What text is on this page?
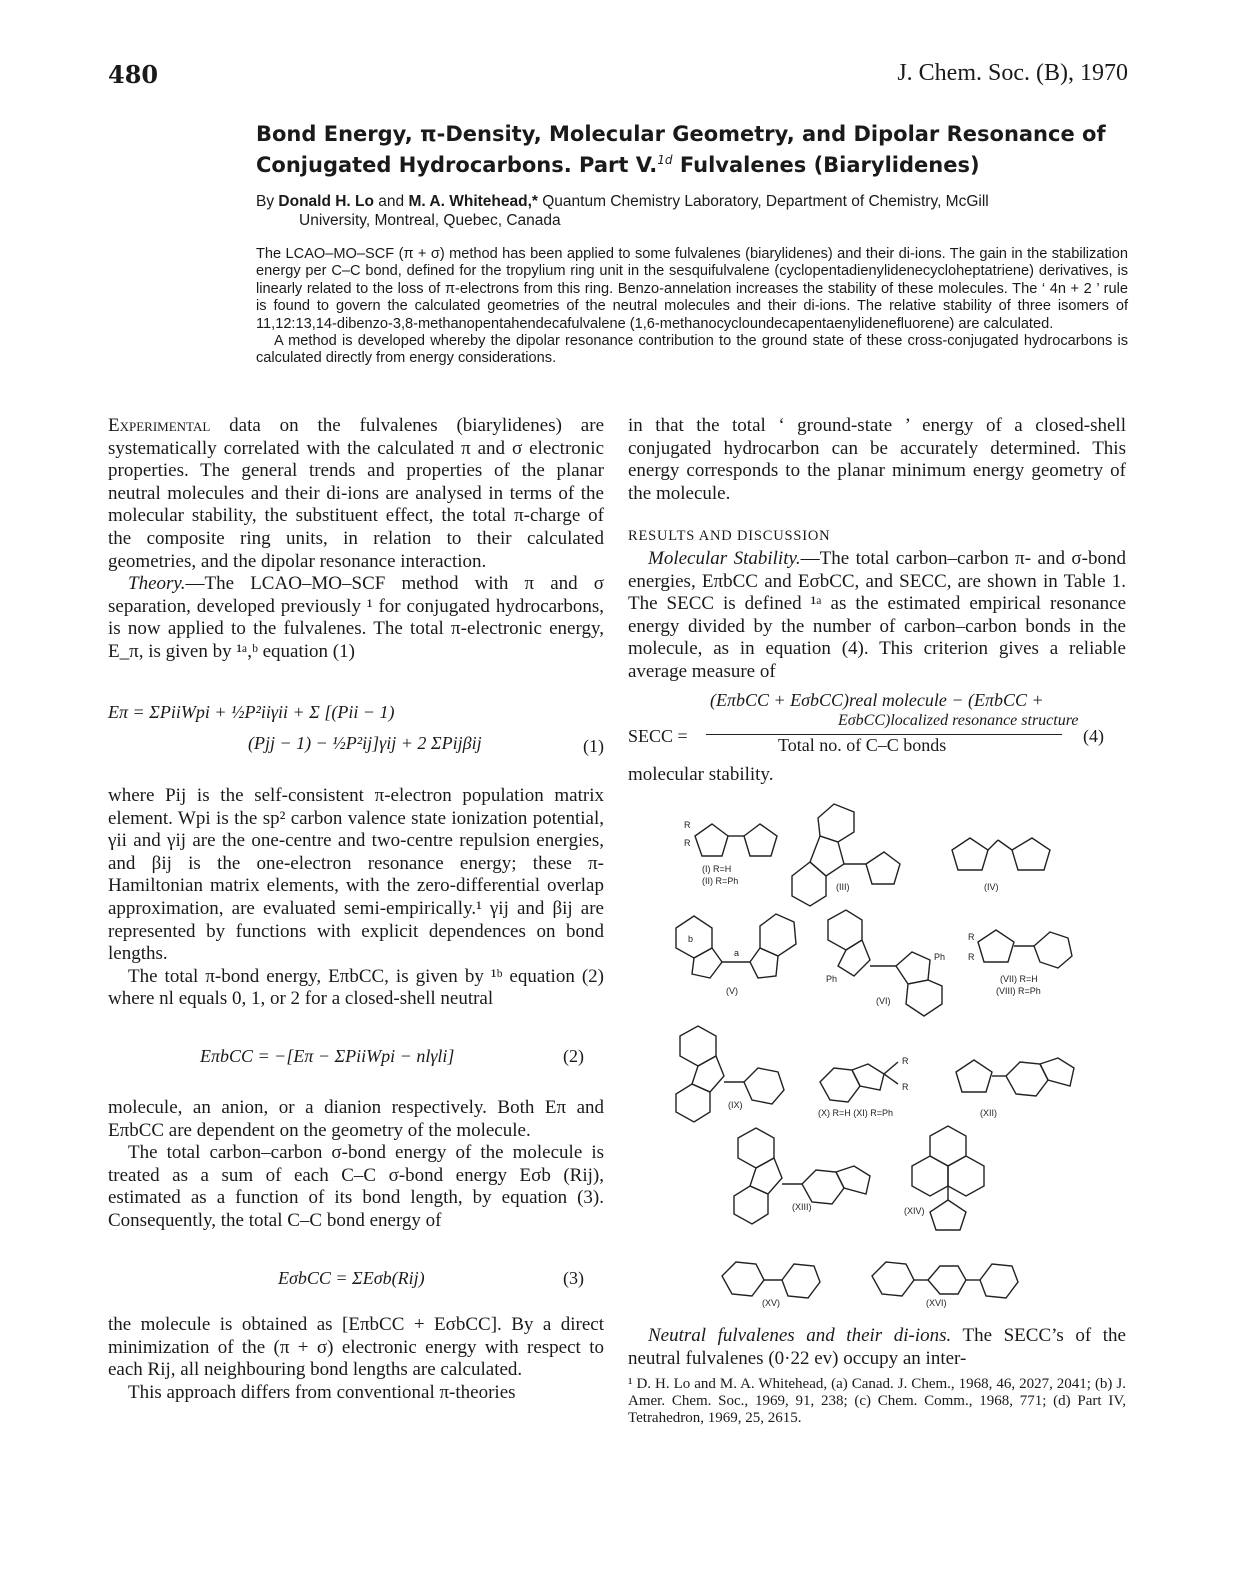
480	J. Chem. Soc. (B), 1970
Bond Energy, π-Density, Molecular Geometry, and Dipolar Resonance of
Conjugated Hydrocarbons. Part V.$^{1d}$ Fulvalenes (Biarylidenes)
By Donald H. Lo and M. A. Whitehead,* Quantum Chemistry Laboratory, Department of Chemistry, McGill
University, Montreal, Quebec, Canada

The LCAO–MO–SCF (π + σ) method has been applied to some fulvalenes (biarylidenes) and their di-ions. The gain in the stabilization energy per C–C bond, defined for the tropylium ring unit in the sesquifulvalene (cyclopentadienylidenecycloheptatriene) derivatives, is linearly related to the loss of π-electrons from this ring. Benzo-annelation increases the stability of these molecules. The ‘ 4n + 2 ’ rule is found to govern the calculated geometries of the neutral molecules and their di-ions. The relative stability of three isomers of 11,12:13,14-dibenzo-3,8-methanopentahendecafulvalene (1,6-methanocycloundecapentaenylidenefluorene) are calculated.

A method is developed whereby the dipolar resonance contribution to the ground state of these cross-conjugated hydrocarbons is calculated directly from energy considerations.

Experimental data on the fulvalenes (biarylidenes) are systematically correlated with the calculated π and σ electronic properties. The general trends and properties of the planar neutral molecules and their di-ions are analysed in terms of the molecular stability, the substituent effect, the total π-charge of the composite ring units, in relation to their calculated geometries, and the dipolar resonance interaction.

Theory.—The LCAO–MO–SCF method with π and σ separation, developed previously ¹ for conjugated hydrocarbons, is now applied to the fulvalenes. The total π-electronic energy, E_π, is given by ¹ᵃ,ᵇ equation (1)

Eπ = ΣPiiWpi + ½P²iiγii + Σ [(Pii − 1)
(Pjj − 1) − ½P²ij]γij + 2 ΣPijβij	(1)

where Pij is the self-consistent π-electron population matrix element. Wpi is the sp² carbon valence state ionization potential, γii and γij are the one-centre and two-centre repulsion energies, and βij is the one-electron resonance energy; these π-Hamiltonian matrix elements, with the zero-differential overlap approximation, are evaluated semi-empirically.¹ γij and βij are represented by functions with explicit dependences on bond lengths.

The total π-bond energy, EπbCC, is given by ¹ᵇ equation (2) where nl equals 0, 1, or 2 for a closed-shell neutral

EπbCC = −[Eπ − ΣPiiWpi − nlγli]	(2)

molecule, an anion, or a dianion respectively. Both Eπ and EπbCC are dependent on the geometry of the molecule.

The total carbon–carbon σ-bond energy of the molecule is treated as a sum of each C–C σ-bond energy Eσb (Rij), estimated as a function of its bond length, by equation (3). Consequently, the total C–C bond energy of

EσbCC = ΣEσb(Rij)	(3)

the molecule is obtained as [EπbCC + EσbCC]. By a direct minimization of the (π + σ) electronic energy with respect to each Rij, all neighbouring bond lengths are calculated.

This approach differs from conventional π-theories

in that the total ‘ ground-state ’ energy of a closed-shell conjugated hydrocarbon can be accurately determined. This energy corresponds to the planar minimum energy geometry of the molecule.

RESULTS AND DISCUSSION

Molecular Stability.—The total carbon–carbon π- and σ-bond energies, EπbCC and EσbCC, and SECC, are shown in Table 1. The SECC is defined ¹ᵃ as the estimated empirical resonance energy divided by the number of carbon–carbon bonds in the molecule, as in equation (4). This criterion gives a reliable average measure of

(EπbCC + EσbCC)real molecule − (EπbCC +
EσbCC)localized resonance structure
SECC =	Total no. of C–C bonds	(4)
molecular stability.
R
R
(I) R=H
(II) R=Ph
(III)	(IV)
b
a
(V)
Ph
Ph
(VI)
R
R
(VII) R=H
(VIII) R=Ph
(IX)
R
R
(X) R=H (XI) R=Ph	(XII)
(XIII)	(XIV)
(XV)	(XVI)

Neutral fulvalenes and their di-ions. The SECC’s of the neutral fulvalenes (0·22 ev) occupy an inter-

¹ D. H. Lo and M. A. Whitehead, (a) Canad. J. Chem., 1968, 46, 2027, 2041; (b) J. Amer. Chem. Soc., 1969, 91, 238; (c) Chem. Comm., 1968, 771; (d) Part IV, Tetrahedron, 1969, 25, 2615.
